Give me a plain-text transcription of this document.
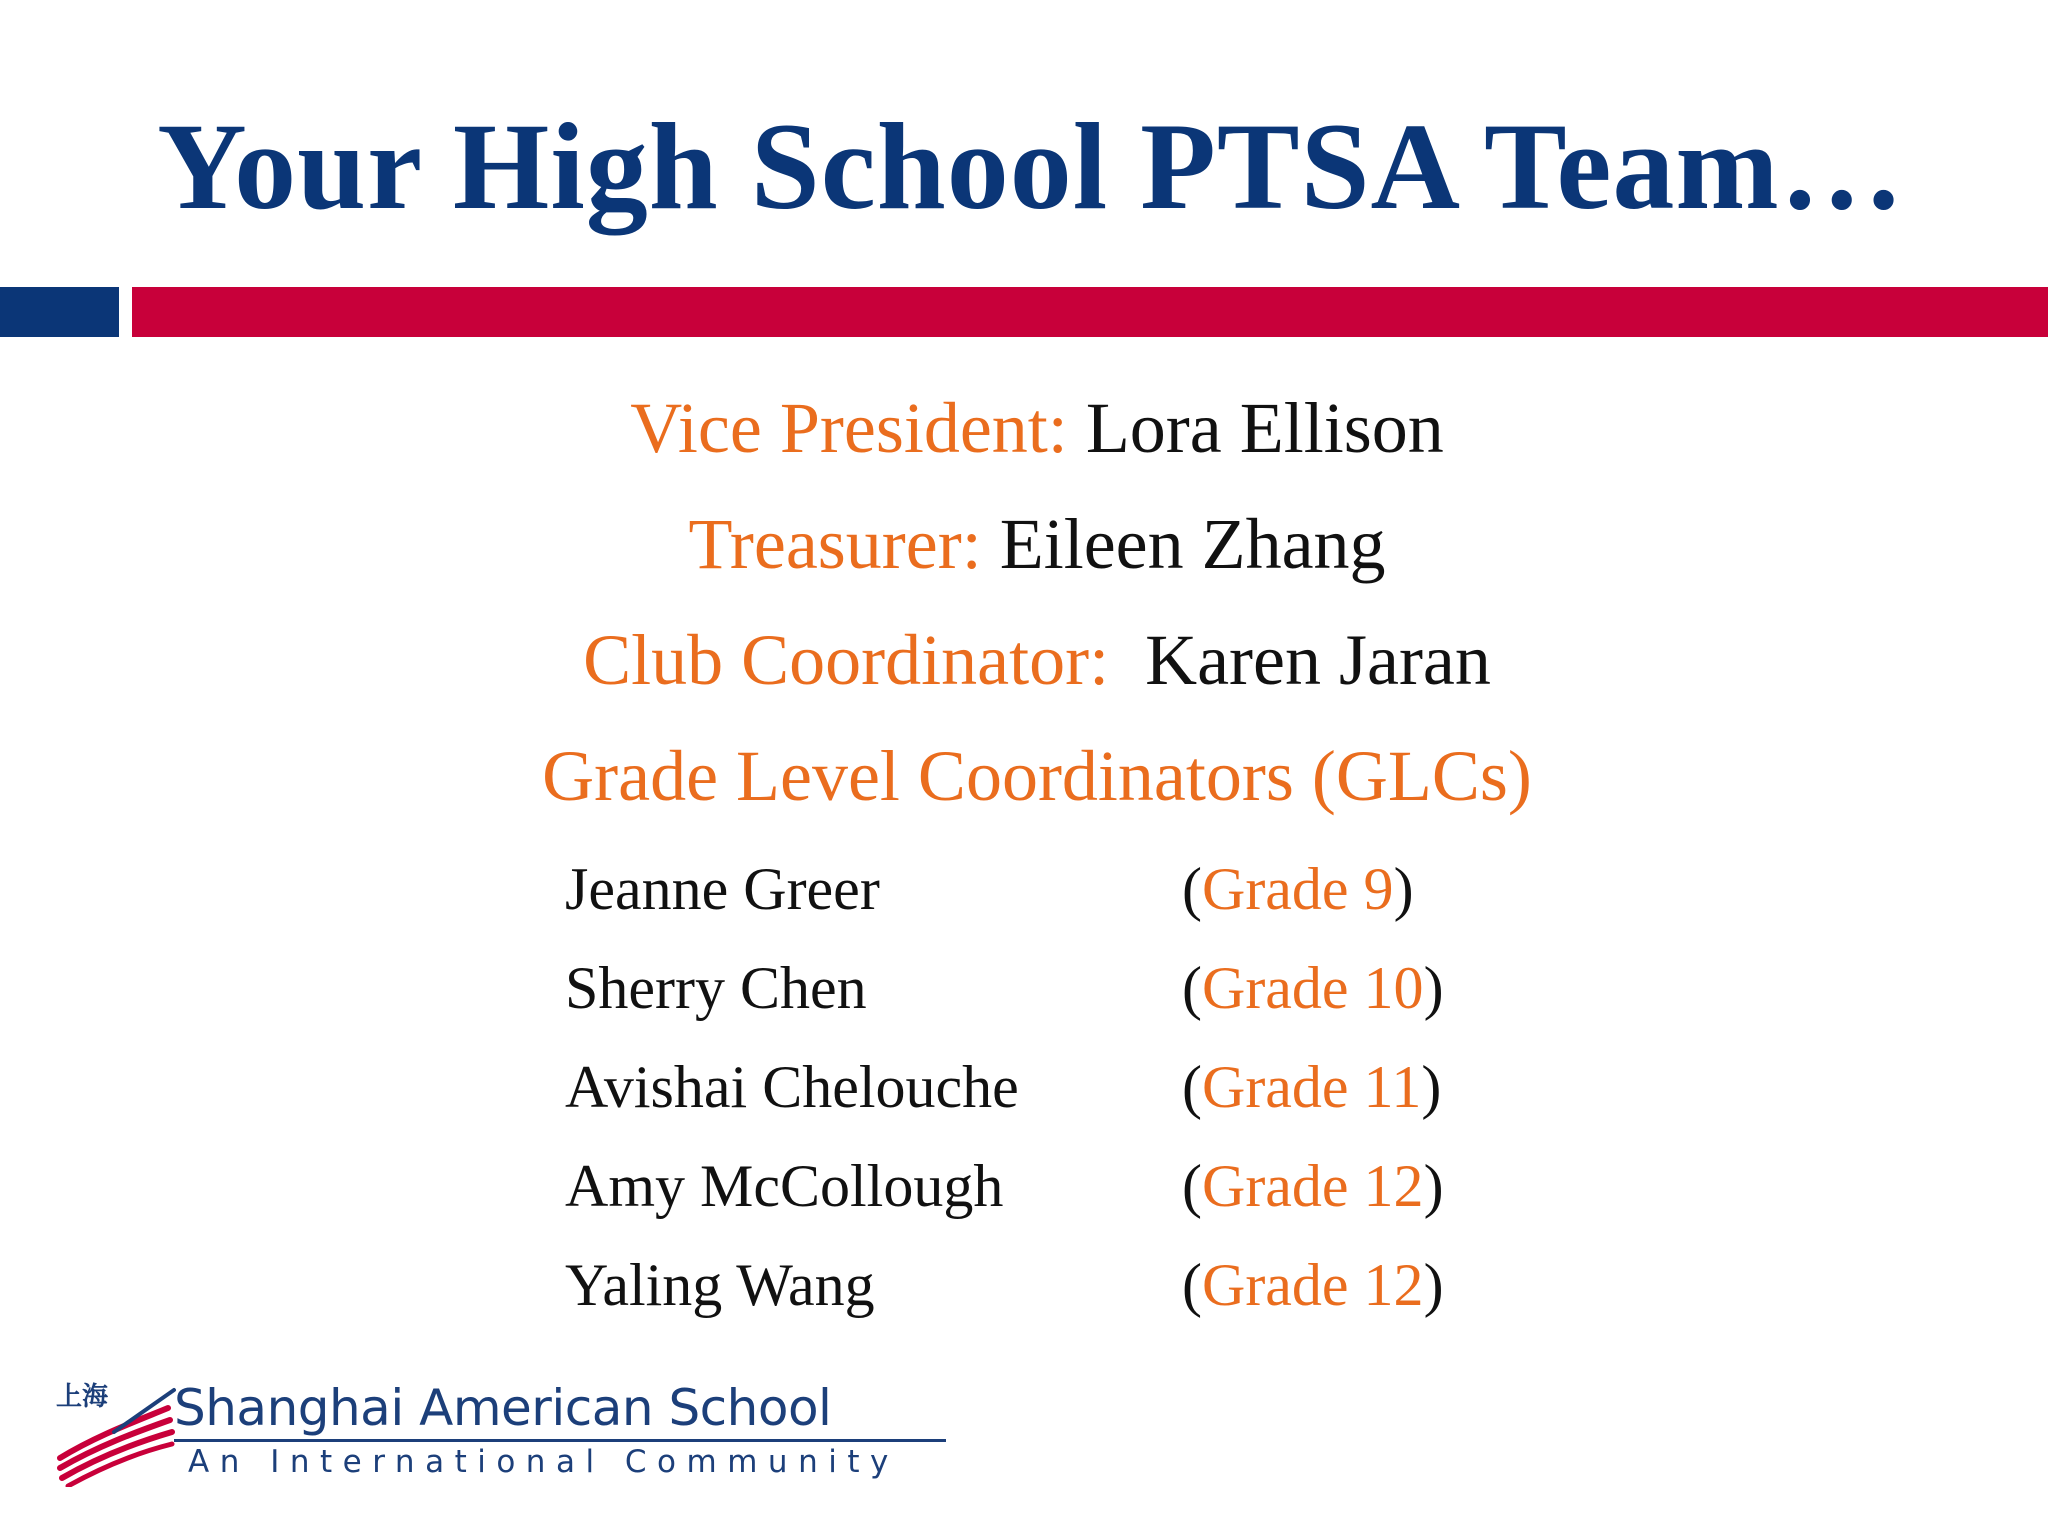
Your High School PTSA Team…
Vice President: Lora Ellison
Treasurer: Eileen Zhang
Club Coordinator:  Karen Jaran
Grade Level Coordinators (GLCs)
Jeanne Greer	(Grade 9)
Sherry Chen	(Grade 10)
Avishai Chelouche	(Grade 11)
Amy McCollough	(Grade 12)
Yaling Wang	(Grade 12)
上海 Shanghai American School
An International Community
